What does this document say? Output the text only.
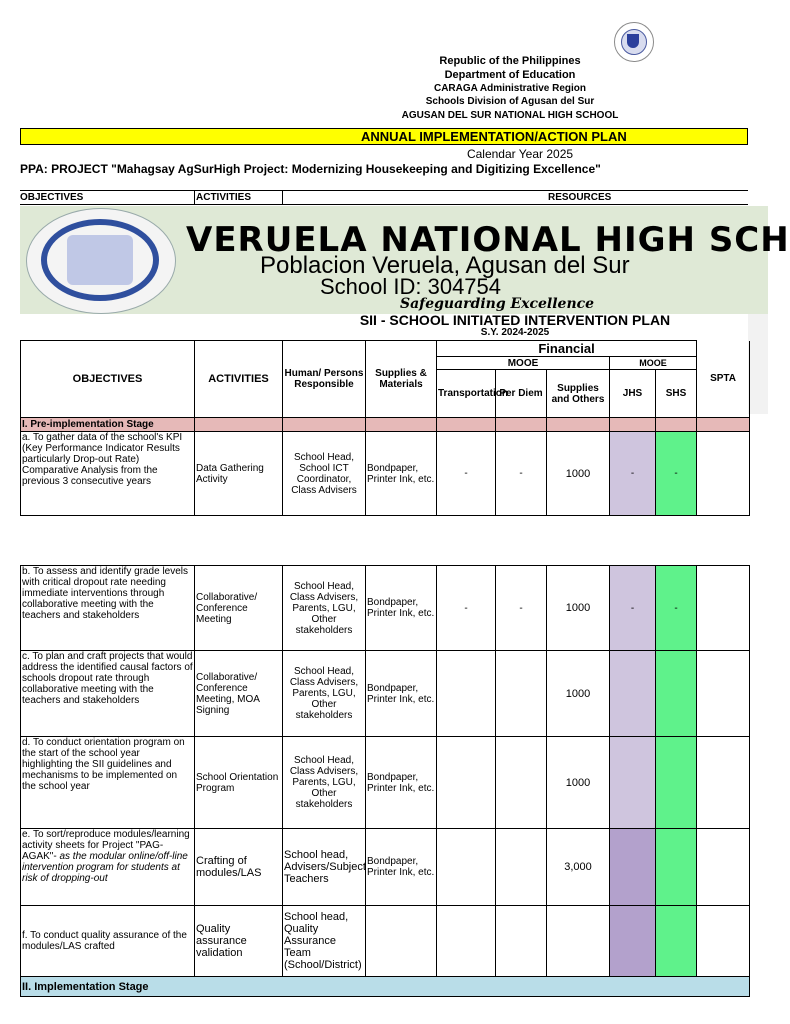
Republic of the Philippines
Department of Education
CARAGA Administrative Region
Schools Division of Agusan del Sur
AGUSAN DEL SUR NATIONAL HIGH SCHOOL
ANNUAL IMPLEMENTATION/ACTION PLAN
Calendar Year 2025
PPA: PROJECT "Mahagsay AgSurHigh Project: Modernizing Housekeeping and Digitizing Excellence"
OBJECTIVES	ACTIVITIES	RESOURCES
VERUELA NATIONAL HIGH SCH
Poblacion Veruela, Agusan del Sur
School ID: 304754
Safeguarding Excellence
SII - SCHOOL INITIATED INTERVENTION PLAN
S.Y. 2024-2025
OBJECTIVES	ACTIVITIES	Human/ Persons Responsible	Supplies & Materials	Financial					SPTA
				MOOE			MOOE		
				Transportation	Per Diem	Supplies and Others	JHS	SHS	
I. Pre-implementation Stage									
a. To gather data of the school's KPI (Key Performance Indicator Results particularly Drop-out Rate) Comparative Analysis from the previous 3 consecutive years	Data Gathering Activity	School Head, School ICT Coordinator, Class Advisers	Bondpaper, Printer Ink, etc.	-	-	1000	-	-	
b. To assess and identify grade levels with critical dropout rate needing immediate interventions through collaborative meeting with the teachers and stakeholders	Collaborative/ Conference Meeting	School Head, Class Advisers, Parents, LGU, Other stakeholders	Bondpaper, Printer Ink, etc.	-	-	1000	-	-	
c. To plan and craft projects that would address the identified causal factors of schools dropout rate through collaborative meeting with the teachers and stakeholders	Collaborative/ Conference Meeting, MOA Signing	School Head, Class Advisers, Parents, LGU, Other stakeholders	Bondpaper, Printer Ink, etc.			1000			
d. To conduct orientation program on the start of the school year highlighting the SII guidelines and mechanisms to be implemented on the school year	School Orientation Program	School Head, Class Advisers, Parents, LGU, Other stakeholders	Bondpaper, Printer Ink, etc.			1000			
e. To sort/reproduce modules/learning activity sheets for Project "PAG-AGAK"- as the modular online/off-line intervention program for students at risk of dropping-out	Crafting of modules/LAS	School head, Advisers/Subject Teachers	Bondpaper, Printer Ink, etc.			3,000			
f. To conduct quality assurance of the modules/LAS crafted	Quality assurance validation	School head, Quality Assurance Team (School/District)							
II. Implementation Stage									
